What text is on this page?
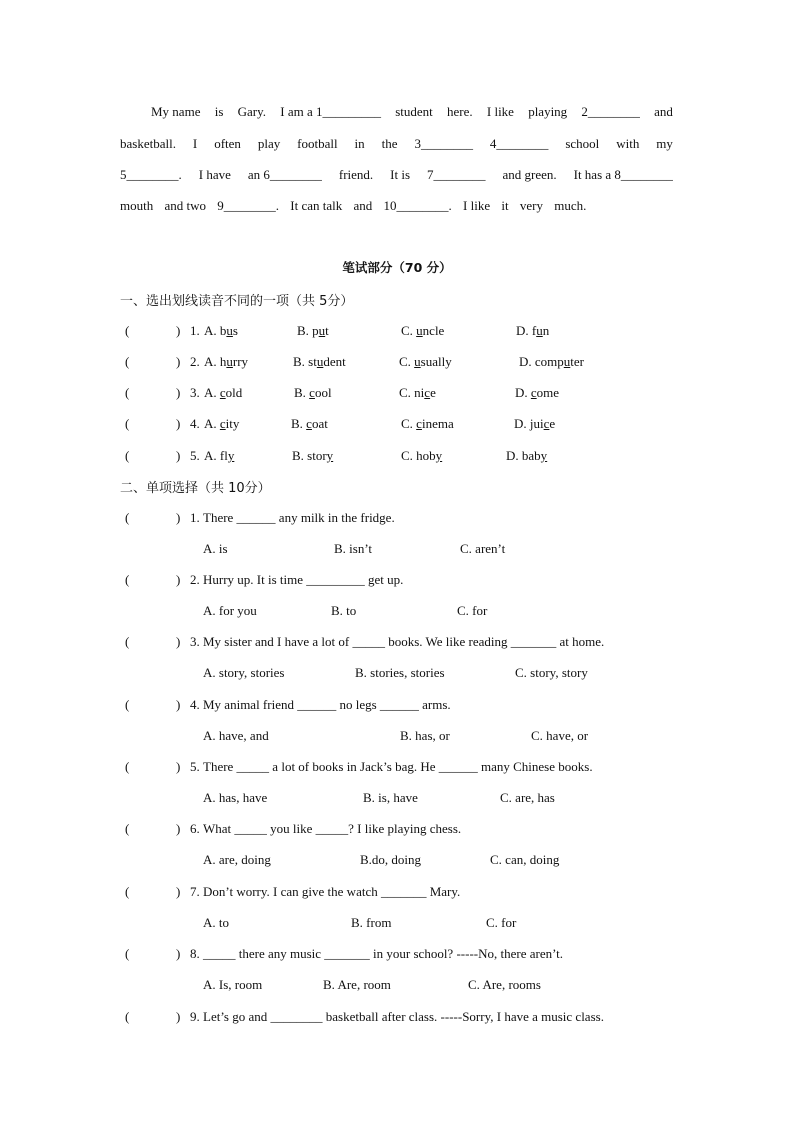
My name is Gary. I am a 1_________ student here. I like playing 2________ and
basketball. I often play football in the 3________ 4________ school with my
5________. I have an 6________ friend. It is 7________ and green. It has a 8________
mouth and two 9________. It can talk and 10________. I like it very much.
笔试部分（70 分）
一、选出划线读音不同的一项（共 5分）
(	) 1. A. bus	B. put	C. uncle	D. fun
(	) 2. A. hurry	B. student	C. usually	D. computer
(	) 3. A. cold	B. cool	C. nice	D. come
(	) 4. A. city	B. coat	C. cinema	D. juice
(	) 5. A. fly	B. story	C. hoby	D. baby
二、单项选择（共 10分）
(	) 1. There ______ any milk in the fridge.
A. is	B. isn’t	C. aren’t
(	) 2. Hurry up. It is time _________ get up.
A. for you	B. to	C. for
(	) 3. My sister and I have a lot of _____ books. We like reading _______ at home.
A. story, stories	B. stories, stories	C. story, story
(	) 4. My animal friend ______ no legs ______ arms.
A. have, and	B. has, or	C. have, or
(	) 5. There _____ a lot of books in Jack’s bag. He ______ many Chinese books.
A. has, have	B. is, have	C. are, has
(	) 6. What _____ you like _____? I like playing chess.
A. are, doing	B.do, doing	C. can, doing
(	) 7. Don’t worry. I can give the watch _______ Mary.
A. to	B. from	C. for
(	) 8. _____ there any music _______ in your school? -----No, there aren’t.
A. Is, room	B. Are, room	C. Are, rooms
(	) 9. Let’s go and ________ basketball after class. -----Sorry, I have a music class.
